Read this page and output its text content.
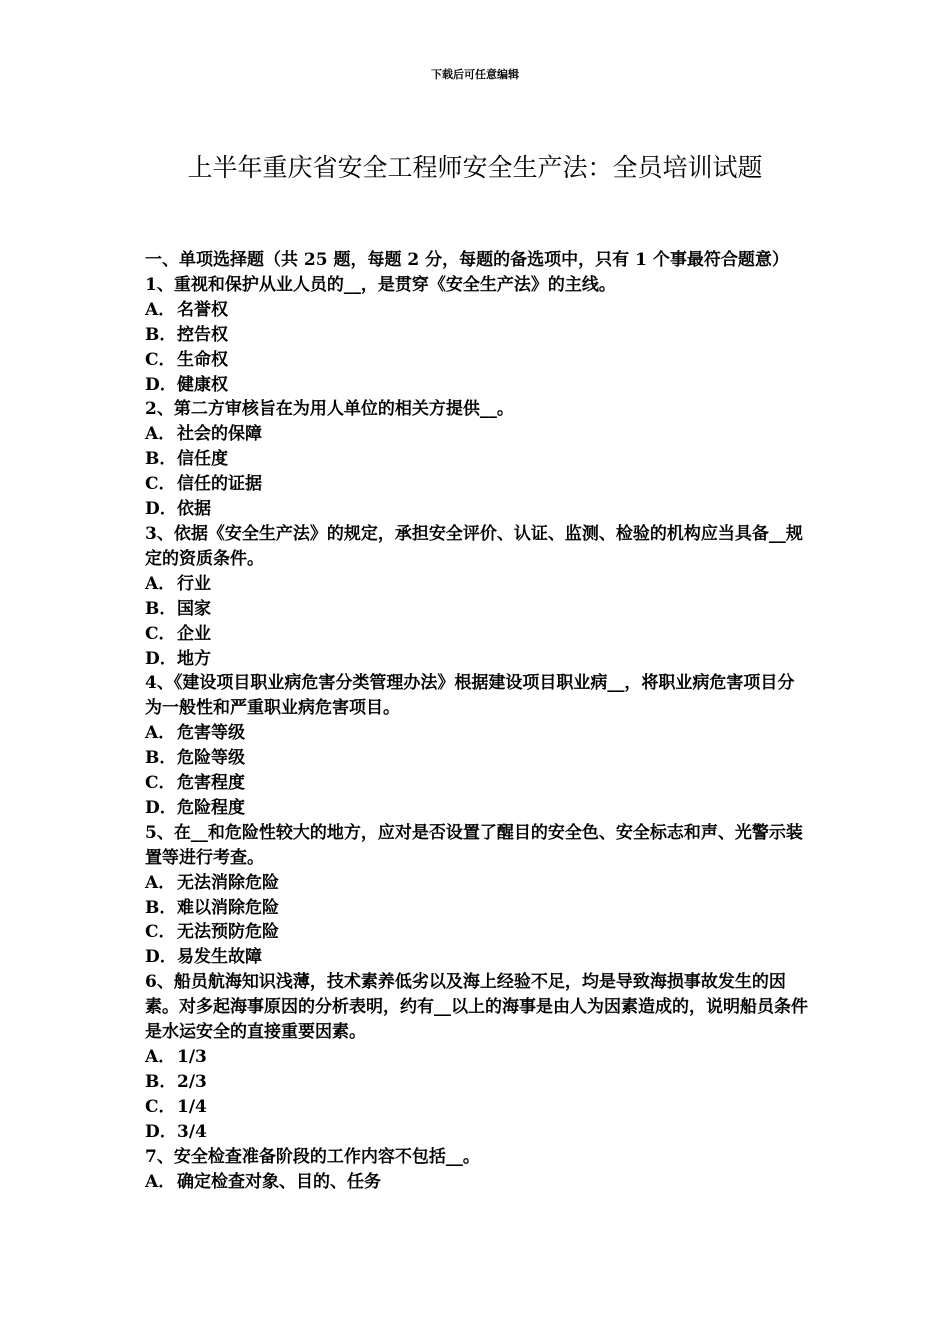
下载后可任意编辑
上半年重庆省安全工程师安全生产法：全员培训试题

一、单项选择题（共 25 题，每题 2 分，每题的备选项中，只有 1 个事最符合题意）

1、重视和保护从业人员的__，是贯穿《安全生产法》的主线。

A． 名誉权

B．控告权

C．生命权

D．健康权

2、第二方审核旨在为用人单位的相关方提供__。

A． 社会的保障

B．信任度

C．信任的证据

D．依据

3、依据《安全生产法》的规定，承担安全评价、认证、监测、检验的机构应当具备__规定的资质条件。

A． 行业

B．国家

C．企业

D．地方

4、《建设项目职业病危害分类管理办法》根据建设项目职业病__，将职业病危害项目分为一般性和严重职业病危害项目。

A． 危害等级

B．危险等级

C．危害程度

D．危险程度

5、在__和危险性较大的地方，应对是否设置了醒目的安全色、安全标志和声、光警示装置等进行考查。

A． 无法消除危险

B．难以消除危险

C．无法预防危险

D．易发生故障

6、船员航海知识浅薄，技术素养低劣以及海上经验不足，均是导致海损事故发生的因素。对多起海事原因的分析表明，约有__以上的海事是由人为因素造成的，说明船员条件是水运安全的直接重要因素。

A． 1/3

B．2/3

C．1/4

D．3/4

7、安全检查准备阶段的工作内容不包括__。

A． 确定检查对象、目的、任务
